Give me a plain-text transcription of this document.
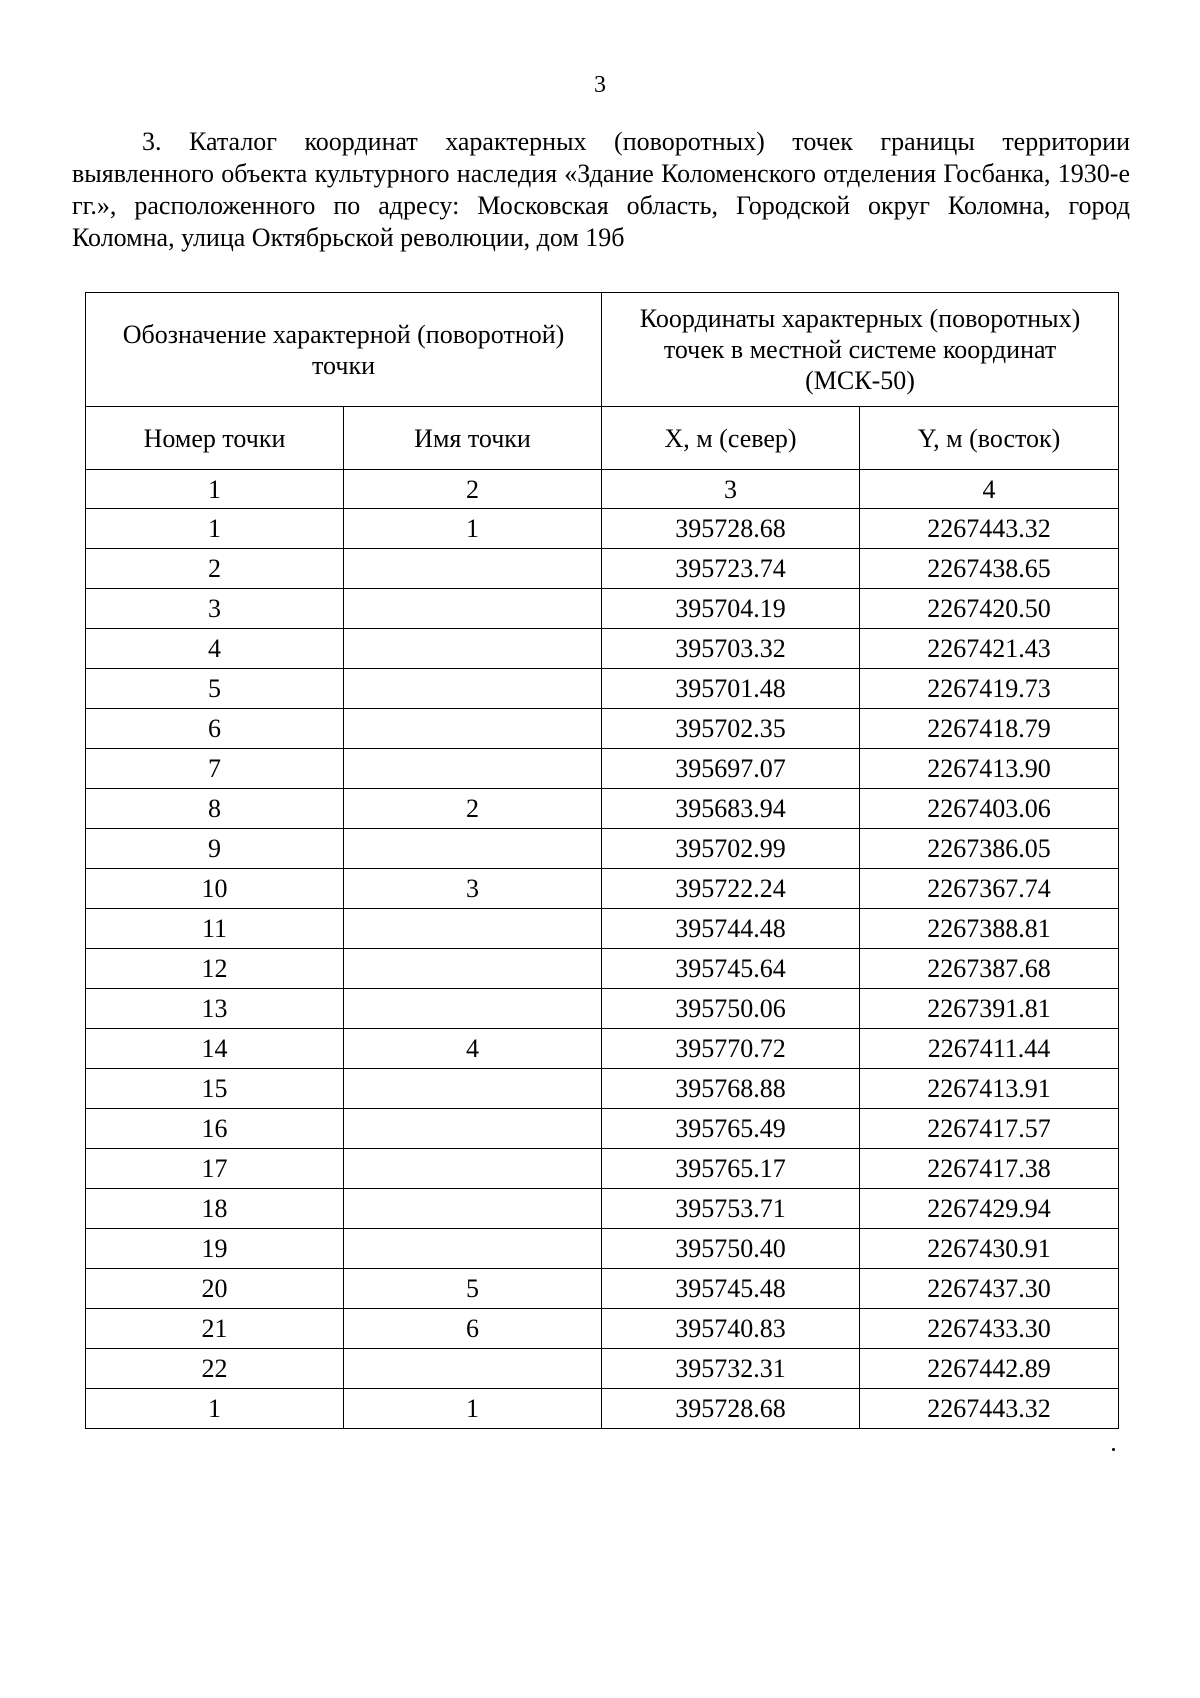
3

3. Каталог координат характерных (поворотных) точек границы территории выявленного объекта культурного наследия «Здание Коломенского отделения Госбанка, 1930-е гг.», расположенного по адресу: Московская область, Городской округ Коломна, город Коломна, улица Октябрьской революции, дом 19б

Обозначение характерной (поворотной) точки		Координаты характерных (поворотных) точек в местной системе координат (МСК-50)	
Номер точки	Имя точки	X, м (север)	Y, м (восток)
1	2	3	4
1	1	395728.68	2267443.32
2		395723.74	2267438.65
3		395704.19	2267420.50
4		395703.32	2267421.43
5		395701.48	2267419.73
6		395702.35	2267418.79
7		395697.07	2267413.90
8	2	395683.94	2267403.06
9		395702.99	2267386.05
10	3	395722.24	2267367.74
11		395744.48	2267388.81
12		395745.64	2267387.68
13		395750.06	2267391.81
14	4	395770.72	2267411.44
15		395768.88	2267413.91
16		395765.49	2267417.57
17		395765.17	2267417.38
18		395753.71	2267429.94
19		395750.40	2267430.91
20	5	395745.48	2267437.30
21	6	395740.83	2267433.30
22		395732.31	2267442.89
1	1	395728.68	2267443.32
